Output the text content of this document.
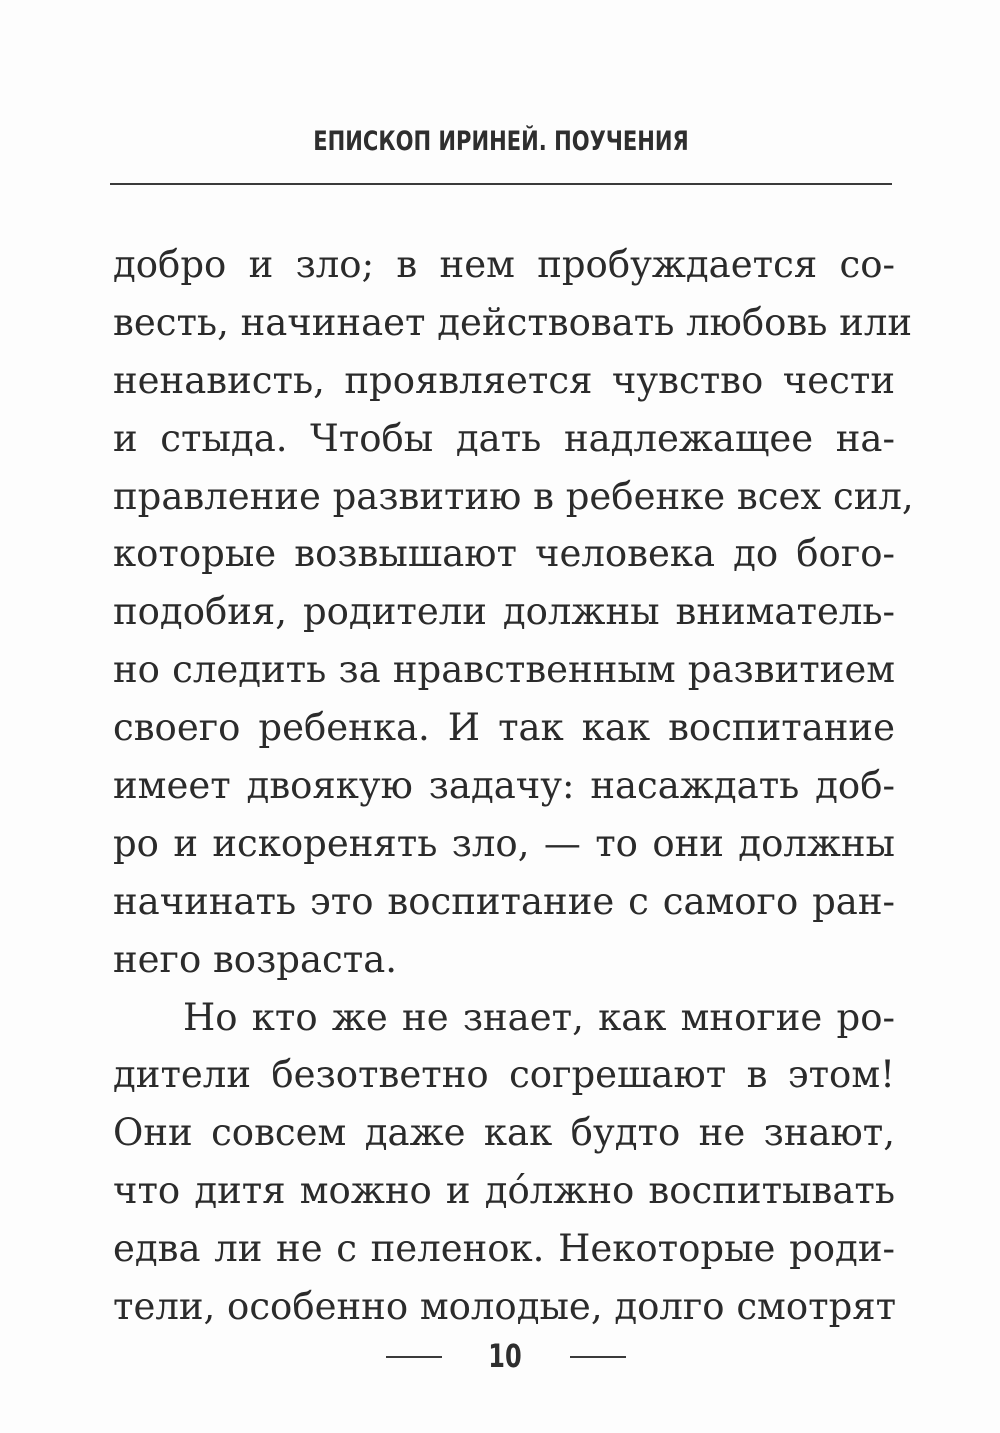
ЕПИСКОП ИРИНЕЙ. ПОУЧЕНИЯ
добро и зло; в нем пробуждается со-
весть, начинает действовать любовь или
ненависть, проявляется чувство чести
и стыда. Чтобы дать надлежащее на-
правление развитию в ребенке всех сил,
которые возвышают человека до бого-
подобия, родители должны вниматель-
но следить за нравственным развитием
своего ребенка. И так как воспитание
имеет двоякую задачу: насаждать доб-
ро и искоренять зло, — то они должны
начинать это воспитание с самого ран-
него возраста.
Но кто же не знает, как многие ро-
дители безответно согрешают в этом!
Они совсем даже как будто не знают,
что дитя можно и до́лжно воспитывать
едва ли не с пеленок. Некоторые роди-
тели, особенно молодые, долго смотрят
10
